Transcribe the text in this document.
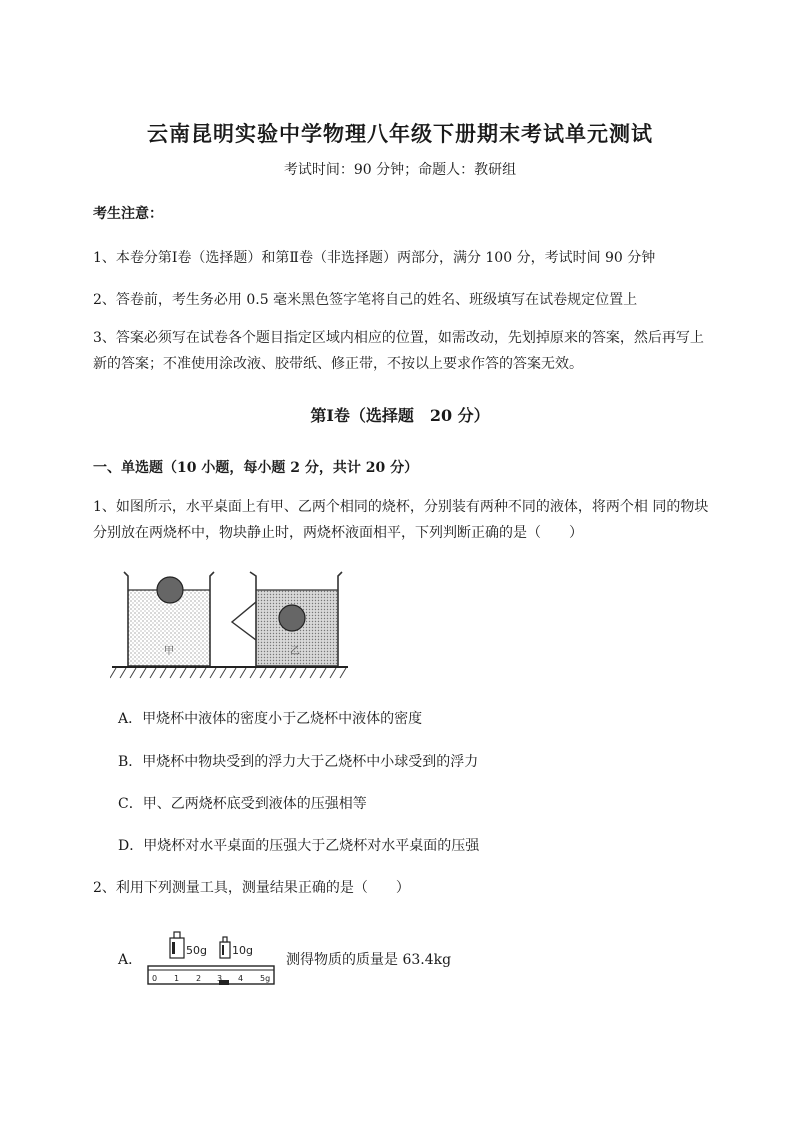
云南昆明实验中学物理八年级下册期末考试单元测试
考试时间：90 分钟；命题人：教研组
考生注意：
1、本卷分第Ⅰ卷（选择题）和第Ⅱ卷（非选择题）两部分，满分 100 分，考试时间 90 分钟
2、答卷前，考生务必用 0.5 毫米黑色签字笔将自己的姓名、班级填写在试卷规定位置上
3、答案必须写在试卷各个题目指定区域内相应的位置，如需改动，先划掉原来的答案，然后再写上新的答案；不准使用涂改液、胶带纸、修正带，不按以上要求作答的答案无效。
第Ⅰ卷（选择题　20 分）
一、单选题（10 小题，每小题 2 分，共计 20 分）
1、如图所示，水平桌面上有甲、乙两个相同的烧杯，分别装有两种不同的液体，将两个相 同的物块分别放在两烧杯中，物块静止时，两烧杯液面相平，下列判断正确的是（　　）
甲	乙
A．甲烧杯中液体的密度小于乙烧杯中液体的密度
B．甲烧杯中物块受到的浮力大于乙烧杯中小球受到的浮力
C．甲、乙两烧杯底受到液体的压强相等
D．甲烧杯对水平桌面的压强大于乙烧杯对水平桌面的压强
2、利用下列测量工具，测量结果正确的是（　　）
A．
50g 10g
0 1 2 3 4 5g
测得物质的质量是 63.4kg
